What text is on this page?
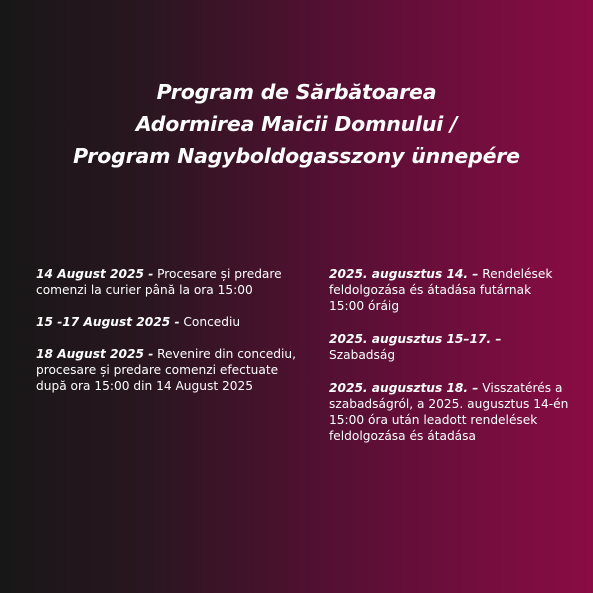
Program de Sărbătoarea
Adormirea Maicii Domnului /
Program Nagyboldogasszony ünnepére
14 August 2025 - Procesare și predare comenzi la curier până la ora 15:00
15 -17 August 2025 - Concediu
18 August 2025 - Revenire din concediu, procesare și predare comenzi efectuate după ora 15:00 din 14 August 2025
2025. augusztus 14. – Rendelések feldolgozása és átadása futárnak 15:00 óráig
2025. augusztus 15–17. – Szabadság
2025. augusztus 18. – Visszatérés a szabadságról, a 2025. augusztus 14-én 15:00 óra után leadott rendelések feldolgozása és átadása
